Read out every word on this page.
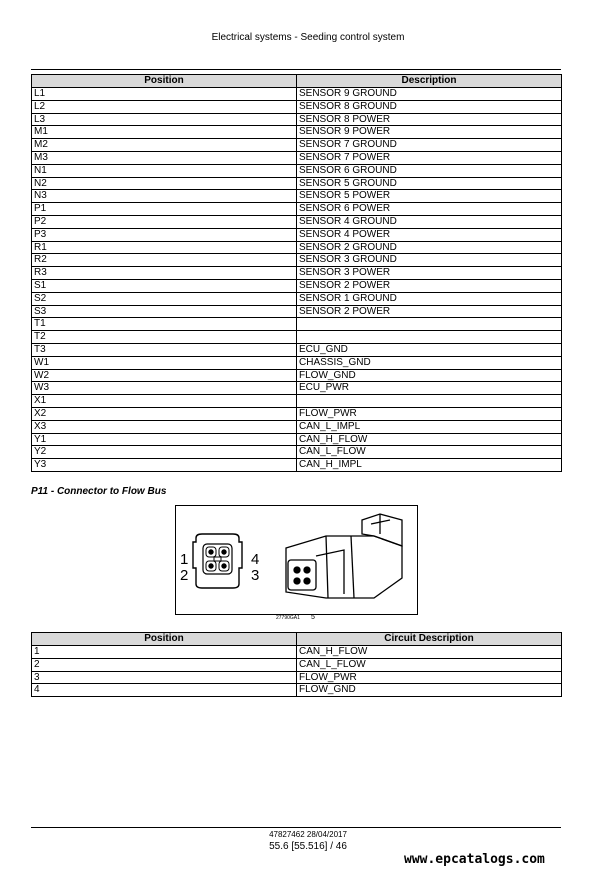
Electrical systems - Seeding control system
Position	Description
L1	SENSOR 9 GROUND
L2	SENSOR 8 GROUND
L3	SENSOR 8 POWER
M1	SENSOR 9 POWER
M2	SENSOR 7 GROUND
M3	SENSOR 7 POWER
N1	SENSOR 6 GROUND
N2	SENSOR 5 GROUND
N3	SENSOR 5 POWER
P1	SENSOR 6 POWER
P2	SENSOR 4 GROUND
P3	SENSOR 4 POWER
R1	SENSOR 2 GROUND
R2	SENSOR 3 GROUND
R3	SENSOR 3 POWER
S1	SENSOR 2 POWER
S2	SENSOR 1 GROUND
S3	SENSOR 2 POWER
T1	
T2	
T3	ECU_GND
W1	CHASSIS_GND
W2	FLOW_GND
W3	ECU_PWR
X1	
X2	FLOW_PWR
X3	CAN_L_IMPL
Y1	CAN_H_FLOW
Y2	CAN_L_FLOW
Y3	CAN_H_IMPL
P11 - Connector to Flow Bus
1
2
4
3
27790GA1 5
Position	Circuit Description
1	CAN_H_FLOW
2	CAN_L_FLOW
3	FLOW_PWR
4	FLOW_GND
47827462 28/04/2017
55.6 [55.516] / 46
www.epcatalogs.com
